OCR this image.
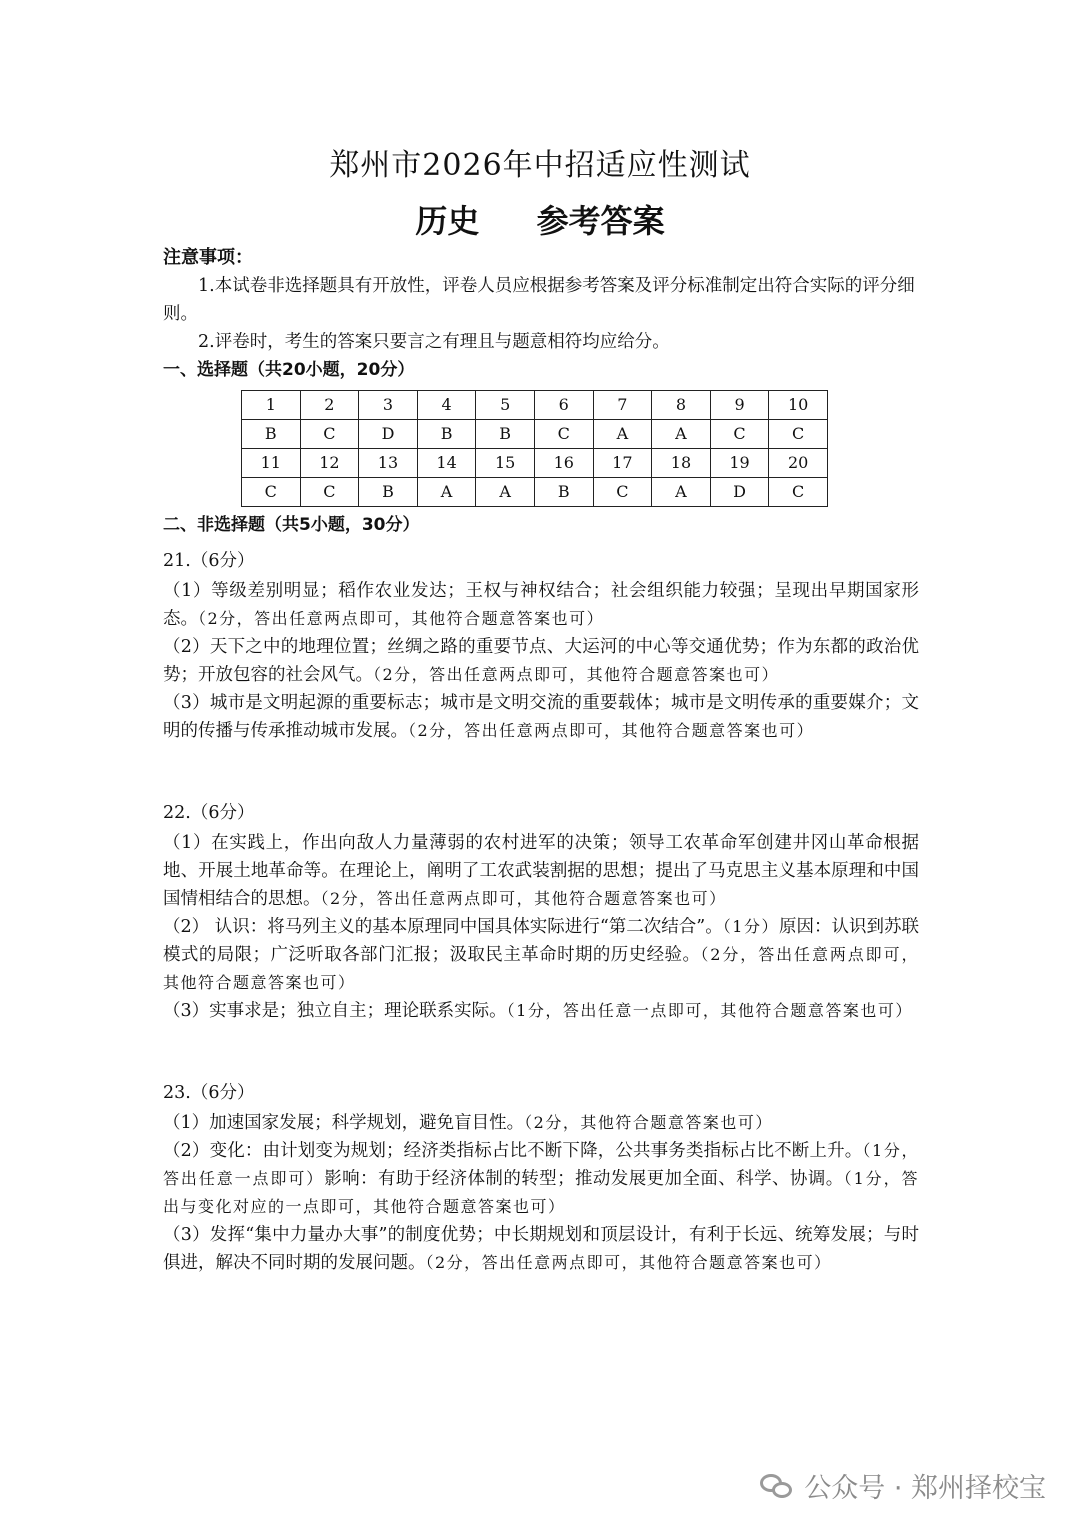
郑州市2026年中招适应性测试
历史 参考答案

注意事项：

1.本试卷非选择题具有开放性，评卷人员应根据参考答案及评分标准制定出符合实际的评分细则。

2.评卷时，考生的答案只要言之有理且与题意相符均应给分。

一、选择题（共20小题，20分）

1	2	3	4	5	6	7	8	9	10
B	C	D	B	B	C	A	A	C	C
11	12	13	14	15	16	17	18	19	20
C	C	B	A	A	B	C	A	D	C

二、非选择题（共5小题，30分）

21.（6分）

（1）等级差别明显；稻作农业发达；王权与神权结合；社会组织能力较强；呈现出早期国家形态。（2分，答出任意两点即可，其他符合题意答案也可）

（2）天下之中的地理位置；丝绸之路的重要节点、大运河的中心等交通优势；作为东都的政治优势；开放包容的社会风气。（2分，答出任意两点即可，其他符合题意答案也可）

（3）城市是文明起源的重要标志；城市是文明交流的重要载体；城市是文明传承的重要媒介；文明的传播与传承推动城市发展。（2分，答出任意两点即可，其他符合题意答案也可）

22.（6分）

（1）在实践上，作出向敌人力量薄弱的农村进军的决策；领导工农革命军创建井冈山革命根据地、开展土地革命等。在理论上，阐明了工农武装割据的思想；提出了马克思主义基本原理和中国国情相结合的思想。（2分，答出任意两点即可，其他符合题意答案也可）

（2） 认识：将马列主义的基本原理同中国具体实际进行“第二次结合”。（1分）原因：认识到苏联模式的局限；广泛听取各部门汇报；汲取民主革命时期的历史经验。（2分，答出任意两点即可，其他符合题意答案也可）

（3）实事求是；独立自主；理论联系实际。（1分，答出任意一点即可，其他符合题意答案也可）

23.（6分）

（1）加速国家发展；科学规划，避免盲目性。（2分，其他符合题意答案也可）

（2）变化：由计划变为规划；经济类指标占比不断下降，公共事务类指标占比不断上升。（1分，答出任意一点即可）影响：有助于经济体制的转型；推动发展更加全面、科学、协调。（1分，答出与变化对应的一点即可，其他符合题意答案也可）

（3）发挥“集中力量办大事”的制度优势；中长期规划和顶层设计，有利于长远、统筹发展；与时俱进，解决不同时期的发展问题。（2分，答出任意两点即可，其他符合题意答案也可）

公众号 · 郑州择校宝
